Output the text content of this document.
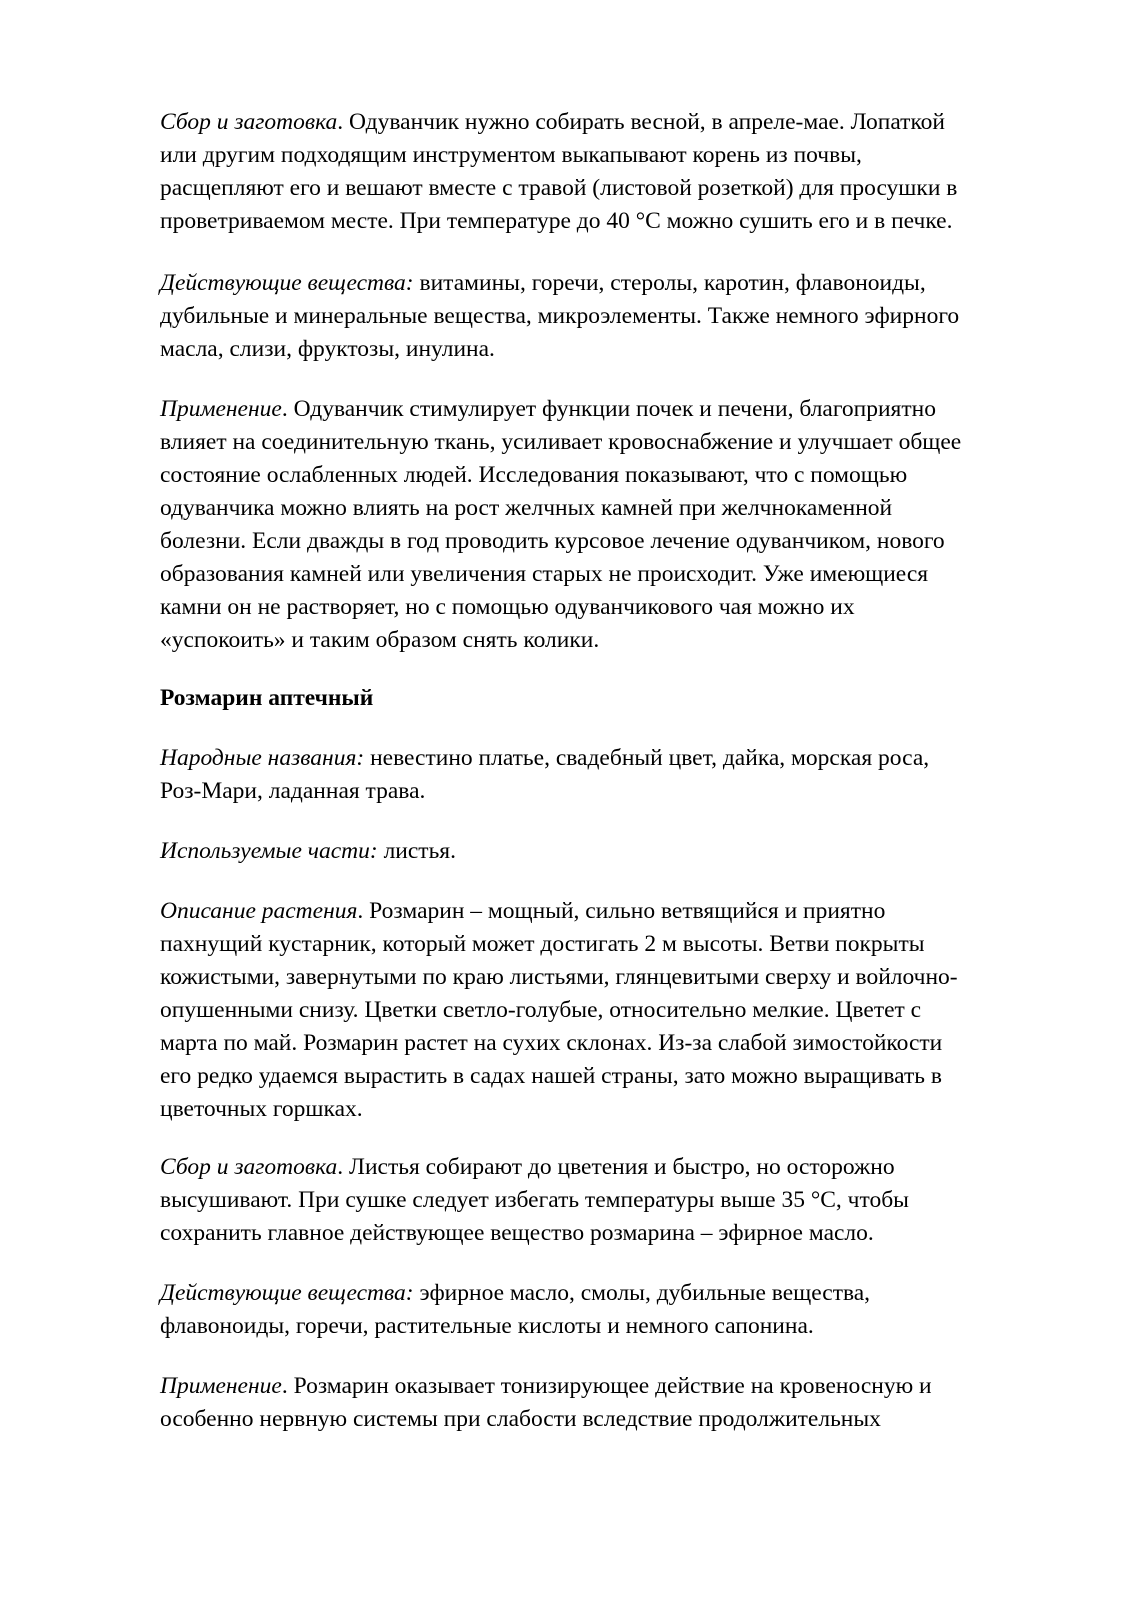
Сбор и заготовка. Одуванчик нужно собирать весной, в апреле-мае. Лопаткой
или другим подходящим инструментом выкапывают корень из почвы,
расщепляют его и вешают вместе с травой (листовой розеткой) для просушки в
проветриваемом месте. При температуре до 40 °С можно сушить его и в печке.
Действующие вещества: витамины, горечи, стеролы, каротин, флавоноиды,
дубильные и минеральные вещества, микроэлементы. Также немного эфирного
масла, слизи, фруктозы, инулина.
Применение. Одуванчик стимулирует функции почек и печени, благоприятно
влияет на соединительную ткань, усиливает кровоснабжение и улучшает общее
состояние ослабленных людей. Исследования показывают, что с помощью
одуванчика можно влиять на рост желчных камней при желчнокаменной
болезни. Если дважды в год проводить курсовое лечение одуванчиком, нового
образования камней или увеличения старых не происходит. Уже имеющиеся
камни он не растворяет, но с помощью одуванчикового чая можно их
«успокоить» и таким образом снять колики.
Розмарин аптечный
Народные названия: невестино платье, свадебный цвет, дайка, морская роса,
Роз-Мари, ладанная трава.
Используемые части: листья.
Описание растения. Розмарин – мощный, сильно ветвящийся и приятно
пахнущий кустарник, который может достигать 2 м высоты. Ветви покрыты
кожистыми, завернутыми по краю листьями, глянцевитыми сверху и войлочно-
опушенными снизу. Цветки светло-голубые, относительно мелкие. Цветет с
марта по май. Розмарин растет на сухих склонах. Из-за слабой зимостойкости
его редко удаемся вырастить в садах нашей страны, зато можно выращивать в
цветочных горшках.
Сбор и заготовка. Листья собирают до цветения и быстро, но осторожно
высушивают. При сушке следует избегать температуры выше 35 °С, чтобы
сохранить главное действующее вещество розмарина – эфирное масло.
Действующие вещества: эфирное масло, смолы, дубильные вещества,
флавоноиды, горечи, растительные кислоты и немного сапонина.
Применение. Розмарин оказывает тонизирующее действие на кровеносную и
особенно нервную системы при слабости вследствие продолжительных
